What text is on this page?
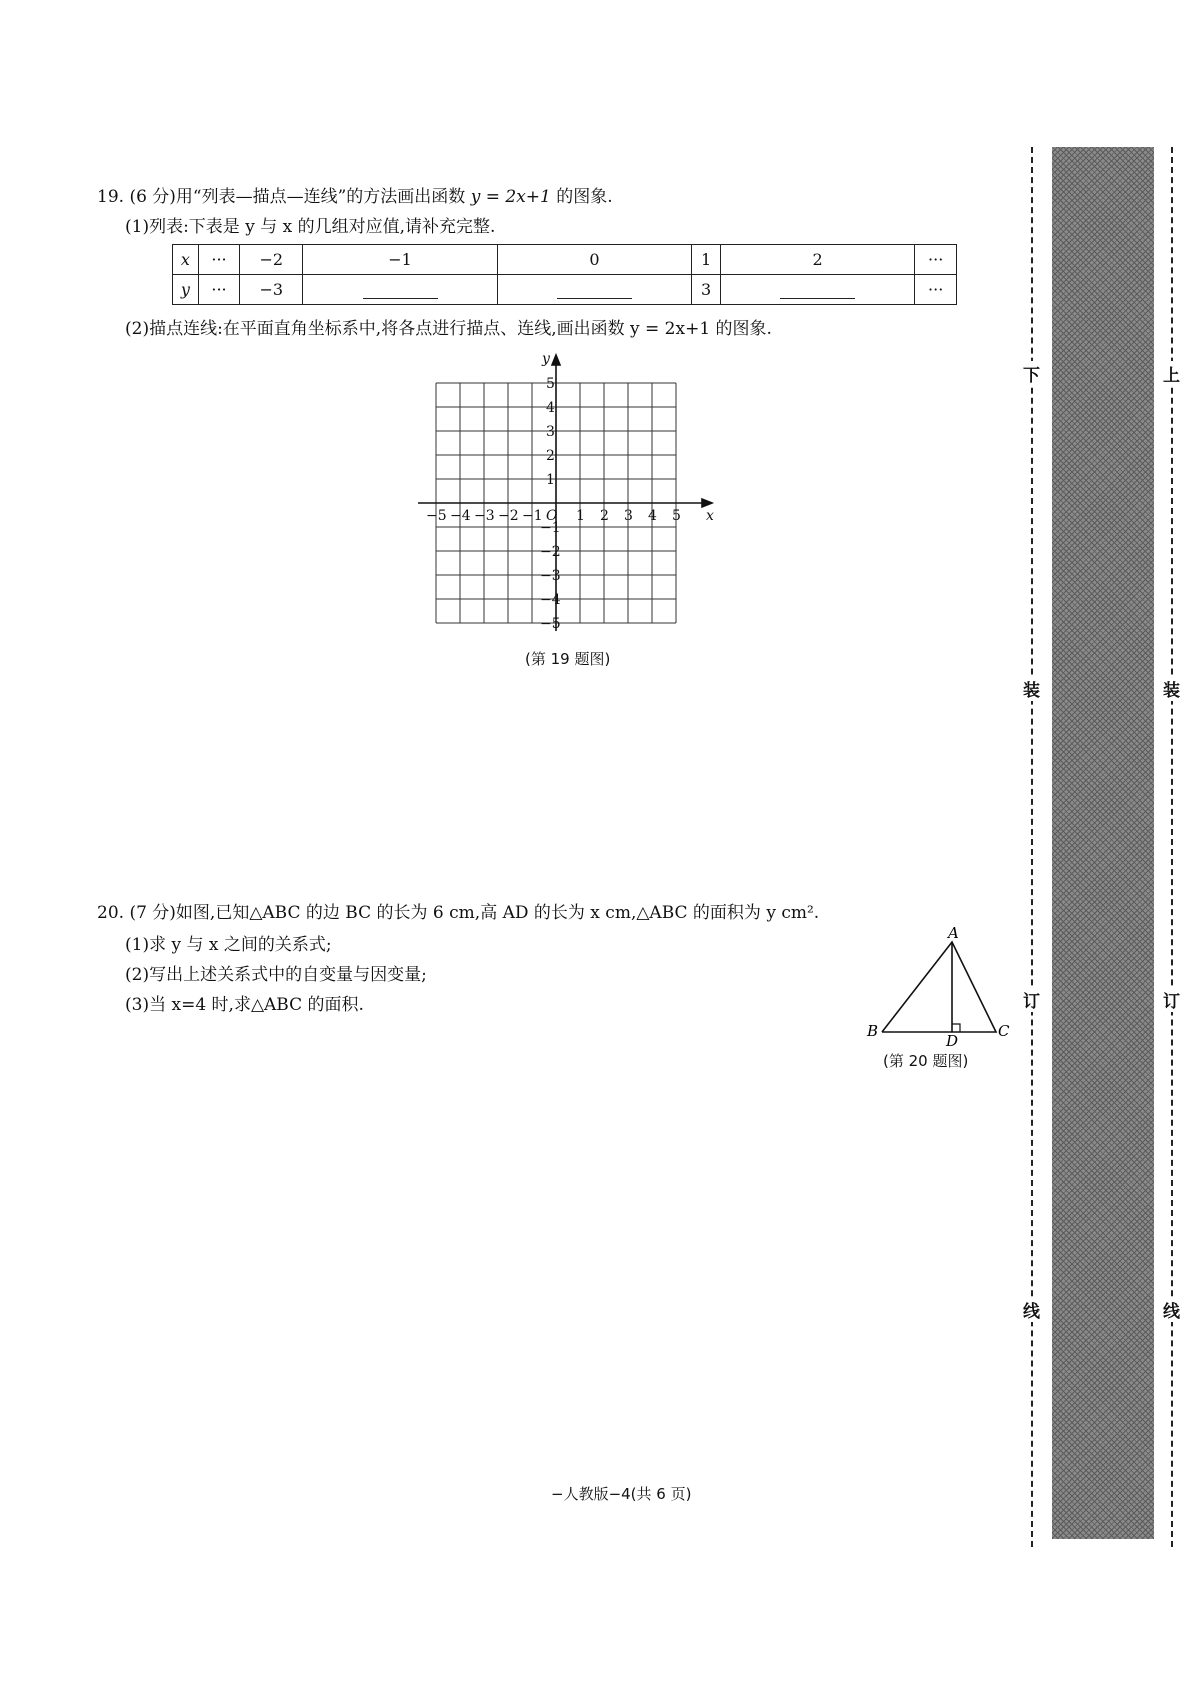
19. (6 分)用“列表—描点—连线”的方法画出函数 y = 2x+1 的图象.
(1)列表:下表是 y 与 x 的几组对应值,请补充完整.
x	···	−2	−1	0	1	2	···
y	···	−3			3		···
(2)描点连线:在平面直角坐标系中,将各点进行描点、连线,画出函数 y = 2x+1 的图象.
x
y
O
−5 −4 −3 −2 −1 1 2 3 4 5
5
4
3
2
1
−1
−2
−3
−4
−5
(第 19 题图)
20. (7 分)如图,已知△ABC 的边 BC 的长为 6 cm,高 AD 的长为 x cm,△ABC 的面积为 y cm².
(1)求 y 与 x 之间的关系式;
(2)写出上述关系式中的自变量与因变量;
(3)当 x=4 时,求△ABC 的面积.
A
B	C
D
(第 20 题图)
−人教版−4(共 6 页)
下
装
订
线
上
装
订
线
